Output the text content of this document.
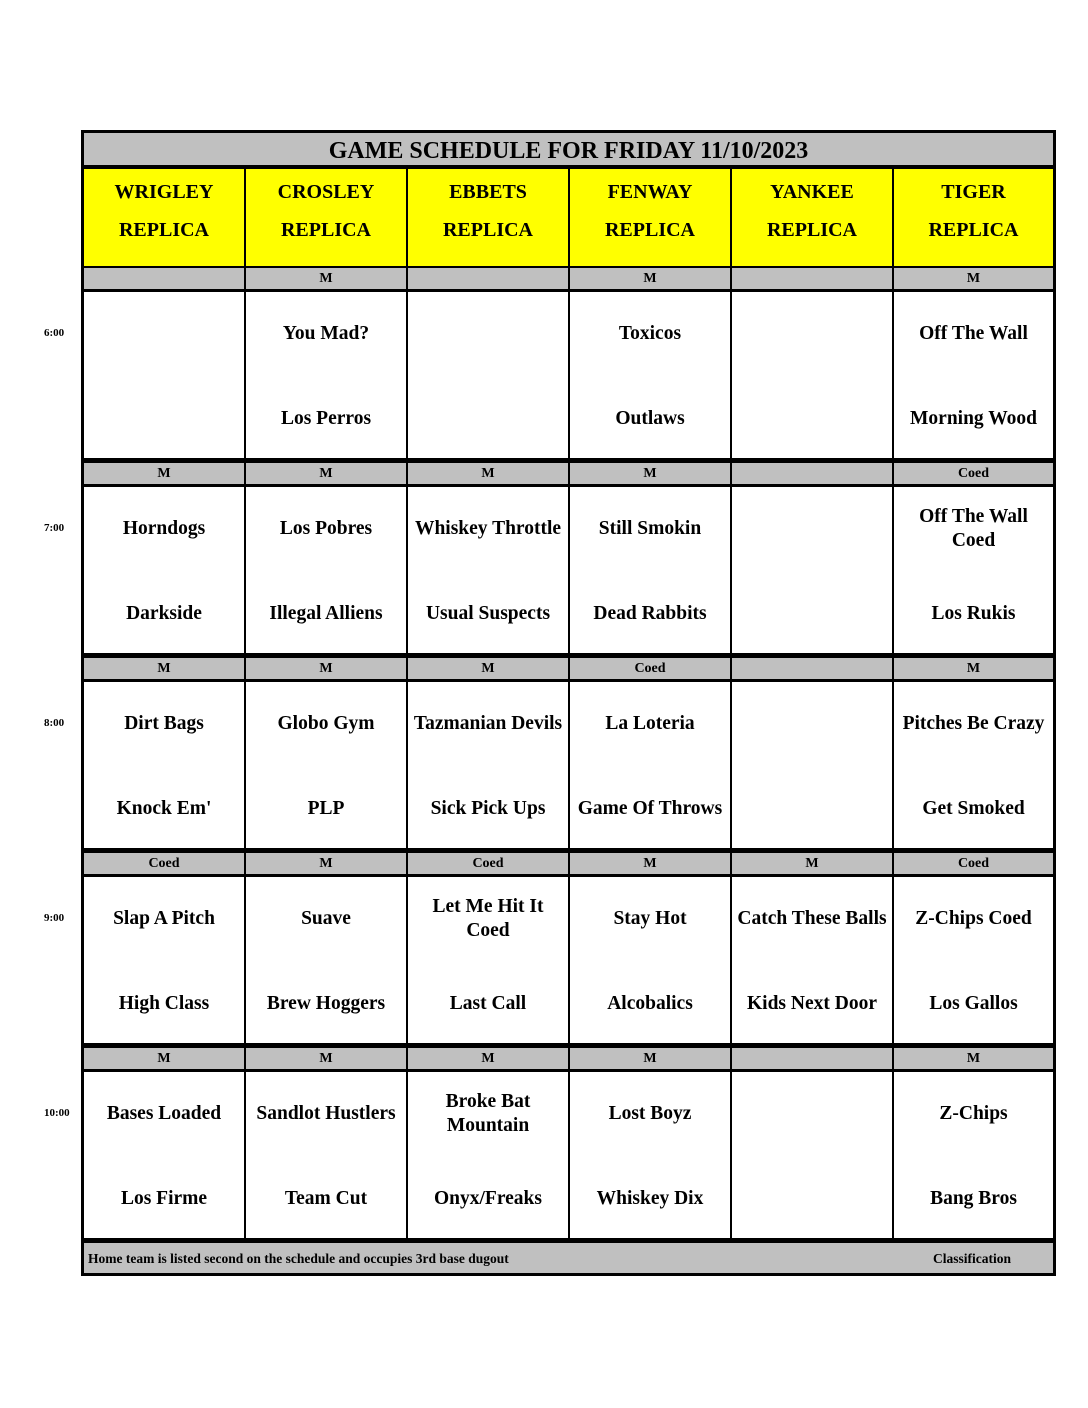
GAME SCHEDULE FOR FRIDAY 11/10/2023
WRIGLEY
REPLICA
CROSLEY
REPLICA
EBBETS
REPLICA
FENWAY
REPLICA
YANKEE
REPLICA
TIGER
REPLICA
M
You Mad?
Los Perros
M
Toxicos
Outlaws
M
Off The Wall
Morning Wood
M
Horndogs
Darkside
M
Los Pobres
Illegal Alliens
M
Whiskey Throttle
Usual Suspects
M
Still Smokin
Dead Rabbits
Coed
Off The Wall
Coed
Los Rukis
M
Dirt Bags
Knock Em'
M
Globo Gym
PLP
M
Tazmanian Devils
Sick Pick Ups
Coed
La Loteria
Game Of Throws
M
Pitches Be Crazy
Get Smoked
Coed
Slap A Pitch
High Class
M
Suave
Brew Hoggers
Coed
Let Me Hit It
Coed
Last Call
M
Stay Hot
Alcobalics
M
Catch These Balls
Kids Next Door
Coed
Z-Chips Coed
Los Gallos
M
Bases Loaded
Los Firme
M
Sandlot Hustlers
Team Cut
M
Broke Bat
Mountain
Onyx/Freaks
M
Lost Boyz
Whiskey Dix
M
Z-Chips
Bang Bros
Home team is listed second on the schedule and occupies 3rd base dugout	Classification
6:00
7:00
8:00
9:00
10:00
